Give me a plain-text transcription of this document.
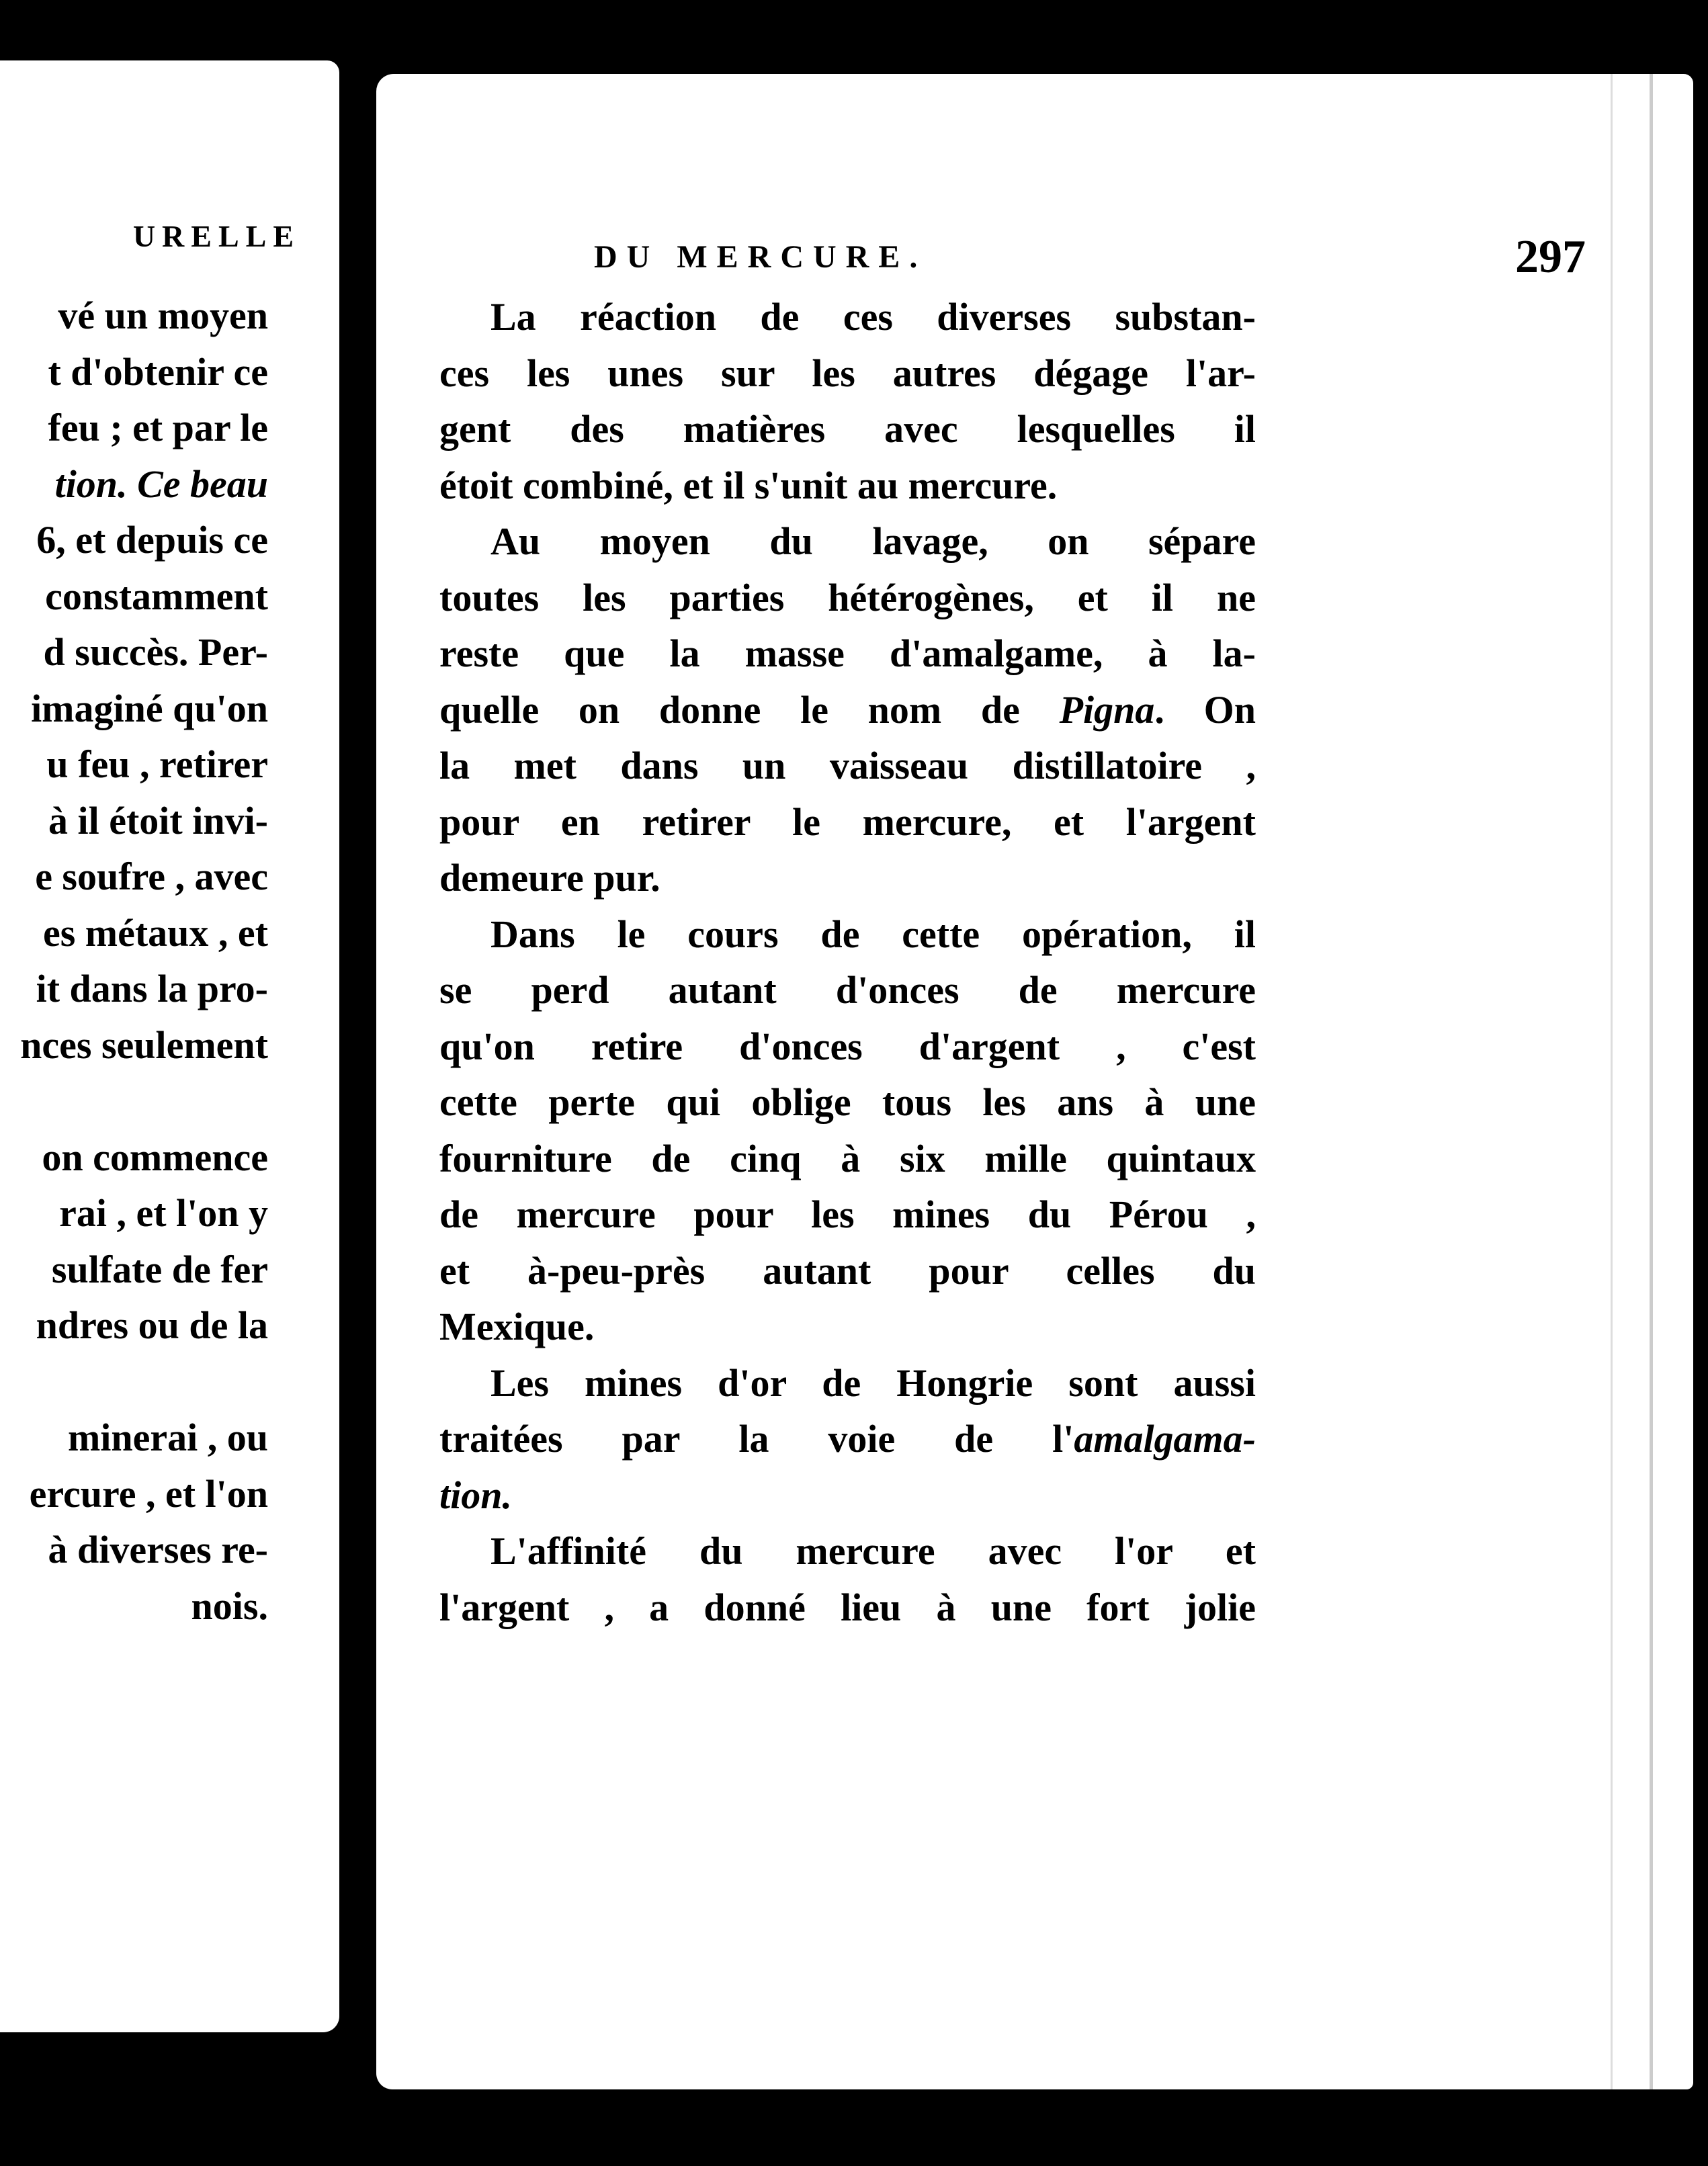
URELLE
vé un moyen
t d'obtenir ce
feu ; et par le
tion. Ce beau
6, et depuis ce
constamment
d succès. Per-
imaginé qu'on
u feu , retirer
à il étoit invi-
e soufre , avec
es métaux , et
it dans la pro-
nces seulement
on commence
rai , et l'on y
sulfate de fer
ndres ou de la
minerai , ou
ercure , et l'on
à diverses re-
nois.
DU MERCURE.	297
La réaction de ces diverses substan-
ces les unes sur les autres dégage l'ar-
gent des matières avec lesquelles il
étoit combiné, et il s'unit au mercure.
Au moyen du lavage, on sépare
toutes les parties hétérogènes, et il ne
reste que la masse d'amalgame, à la-
quelle on donne le nom de Pigna. On
la met dans un vaisseau distillatoire ,
pour en retirer le mercure, et l'argent
demeure pur.
Dans le cours de cette opération, il
se perd autant d'onces de mercure
qu'on retire d'onces d'argent , c'est
cette perte qui oblige tous les ans à une
fourniture de cinq à six mille quintaux
de mercure pour les mines du Pérou ,
et à-peu-près autant pour celles du
Mexique.
Les mines d'or de Hongrie sont aussi
traitées par la voie de l'amalgama-
tion.
L'affinité du mercure avec l'or et
l'argent , a donné lieu à une fort jolie
